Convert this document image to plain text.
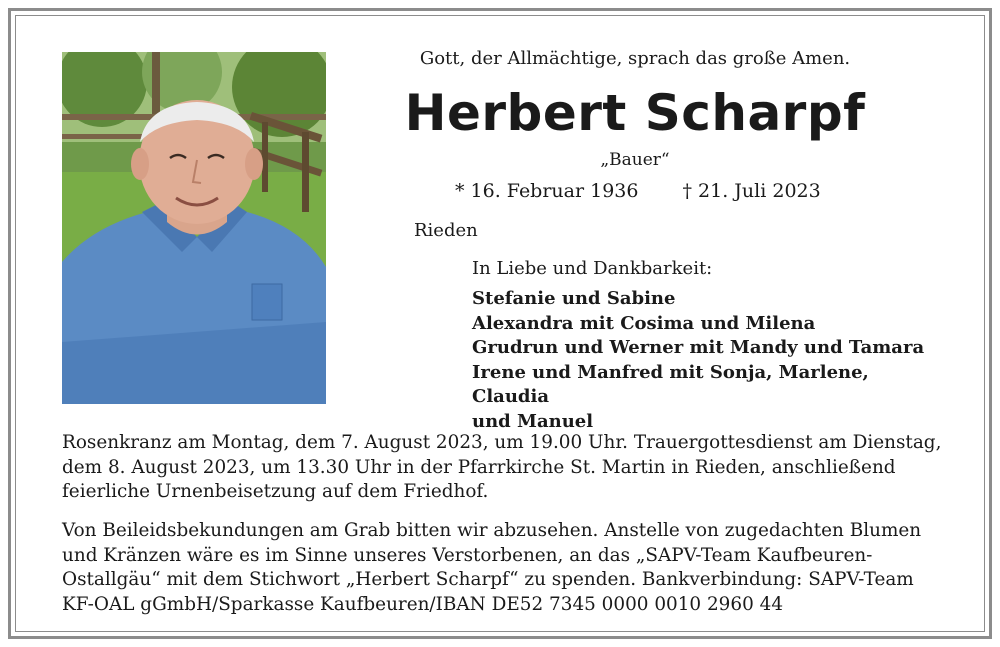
Gott, der Allmächtige, sprach das große Amen.
Herbert Scharpf
„Bauer“
* 16. Februar 1936 † 21. Juli 2023
Rieden
In Liebe und Dankbarkeit:
Stefanie und Sabine
Alexandra mit Cosima und Milena
Grudrun und Werner mit Mandy und Tamara
Irene und Manfred mit Sonja, Marlene, Claudia
und Manuel
Rosenkranz am Montag, dem 7. August 2023, um 19.00 Uhr. Trauergottesdienst am Dienstag, dem 8. August 2023, um 13.30 Uhr in der Pfarrkirche St. Martin in Rieden, anschließend feierliche Urnenbeisetzung auf dem Friedhof.
Von Beileidsbekundungen am Grab bitten wir abzusehen. Anstelle von zugedachten Blumen und Kränzen wäre es im Sinne unseres Verstorbenen, an das „SAPV-Team Kaufbeuren-Ostallgäu“ mit dem Stichwort „Herbert Scharpf“ zu spenden. Bankverbindung: SAPV-Team KF-OAL gGmbH/Sparkasse Kaufbeuren/IBAN DE52 7345 0000 0010 2960 44
